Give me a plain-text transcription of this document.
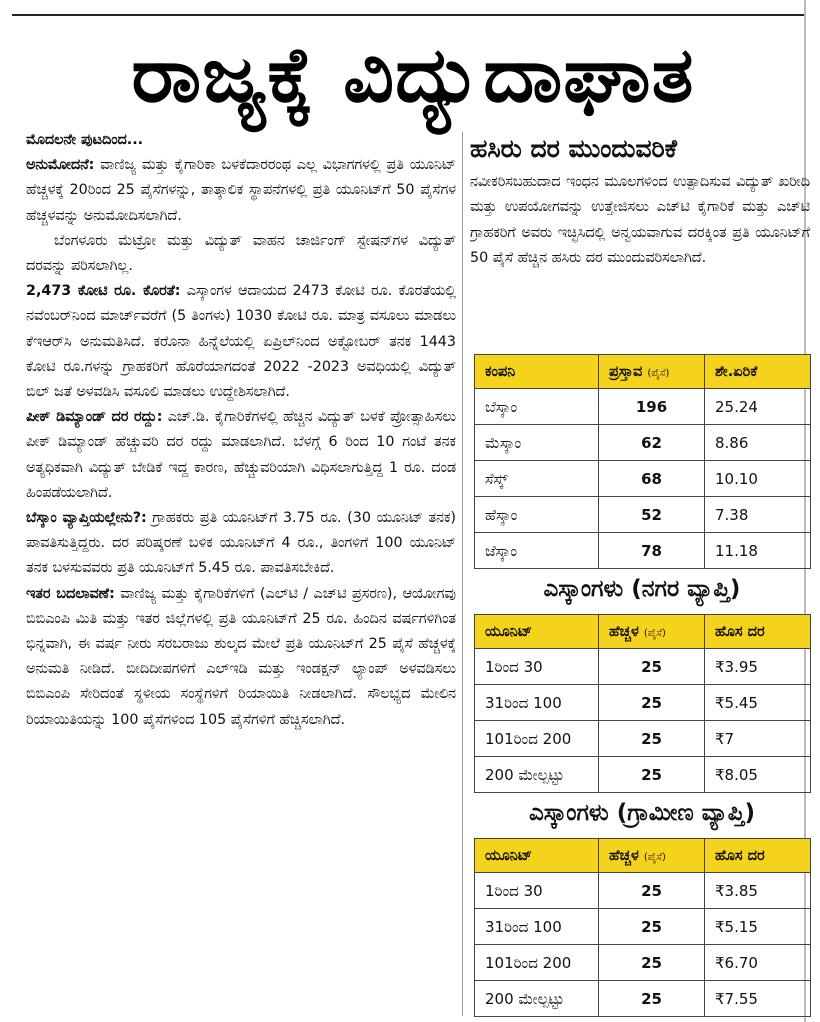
ರಾಜ್ಯಕ್ಕೆ ವಿದ್ಯುದಾಘಾತ

ಮೊದಲನೇ ಪುಟದಿಂದ...

ಅನುಮೋದನೆ: ವಾಣಿಜ್ಯ ಮತ್ತು ಕೈಗಾರಿಕಾ ಬಳಕೆದಾರರಂಥ ಎಲ್ಲ ವಿಭಾಗಗಳಲ್ಲಿ ಪ್ರತಿ ಯೂನಿಟ್ ಹೆಚ್ಚಳಕ್ಕೆ 20ರಿಂದ 25 ಪೈಸೆಗಳನ್ನು, ತಾತ್ಕಾಲಿಕ ಸ್ಥಾಪನೆಗಳಲ್ಲಿ ಪ್ರತಿ ಯೂನಿಟ್‌ಗೆ 50 ಪೈಸೆಗಳ ಹೆಚ್ಚಳವನ್ನು ಅನುಮೋದಿಸಲಾಗಿದೆ.

ಬೆಂಗಳೂರು ಮೆಟ್ರೋ ಮತ್ತು ವಿದ್ಯುತ್ ವಾಹನ ಚಾರ್ಜಿಂಗ್ ಸ್ಟೇಷನ್‌ಗಳ ವಿದ್ಯುತ್ ದರವನ್ನು ಪರಿಸಲಾಗಿಲ್ಲ.

2,473 ಕೋಟಿ ರೂ. ಕೊರತೆ: ಎಸ್ಕಾಂಗಳ ಆದಾಯದ 2473 ಕೋಟಿ ರೂ. ಕೊರತೆಯಲ್ಲಿ ನವೆಂಬರ್‌ನಿಂದ ಮಾರ್ಚ್‌ವರೆಗೆ (5 ತಿಂಗಳು) 1030 ಕೋಟಿ ರೂ. ಮಾತ್ರ ವಸೂಲು ಮಾಡಲು ಕೆಇಆರ್‌ಸಿ ಅನುಮತಿಸಿದೆ. ಕರೊನಾ ಹಿನ್ನೆಲೆಯಲ್ಲಿ ಏಪ್ರಿಲ್‌ನಿಂದ ಅಕ್ಟೋಬರ್ ತನಕ 1443 ಕೋಟಿ ರೂ.ಗಳನ್ನು ಗ್ರಾಹಕರಿಗೆ ಹೊರೆಯಾಗದಂತೆ 2022 -2023 ಅವಧಿಯಲ್ಲಿ ವಿದ್ಯುತ್ ಬಿಲ್ ಜತೆ ಅಳವಡಿಸಿ ವಸೂಲಿ ಮಾಡಲು ಉದ್ದೇಶಿಸಲಾಗಿದೆ.

ಪೀಕ್ ಡಿಮ್ಯಾಂಡ್ ದರ ರದ್ದು: ಎಚ್.ಡಿ. ಕೈಗಾರಿಕೆಗಳಲ್ಲಿ ಹೆಚ್ಚಿನ ವಿದ್ಯುತ್ ಬಳಕೆ ಪ್ರೋತ್ಸಾಹಿಸಲು ಪೀಕ್ ಡಿಮ್ಯಾಂಡ್ ಹೆಚ್ಚುವರಿ ದರ ರದ್ದು ಮಾಡಲಾಗಿದೆ. ಬೆಳಗ್ಗೆ 6 ರಿಂದ 10 ಗಂಟೆ ತನಕ ಅತ್ಯಧಿಕವಾಗಿ ವಿದ್ಯುತ್ ಬೇಡಿಕೆ ಇದ್ದ ಕಾರಣ, ಹೆಚ್ಚುವರಿಯಾಗಿ ವಿಧಿಸಲಾಗುತ್ತಿದ್ದ 1 ರೂ. ದಂಡ ಹಿಂಪಡೆಯಲಾಗಿದೆ.

ಬೆಸ್ಕಾಂ ವ್ಯಾಪ್ತಿಯಲ್ಲೇನು?: ಗ್ರಾಹಕರು ಪ್ರತಿ ಯೂನಿಟ್‌ಗೆ 3.75 ರೂ. (30 ಯೂನಿಟ್ ತನಕ) ಪಾವತಿಸುತ್ತಿದ್ದರು. ದರ ಪರಿಷ್ಕರಣೆ ಬಳಿಕ ಯೂನಿಟ್‌ಗೆ 4 ರೂ., ತಿಂಗಳಿಗೆ 100 ಯೂನಿಟ್ ತನಕ ಬಳಸುವವರು ಪ್ರತಿ ಯೂನಿಟ್‌ಗೆ 5.45 ರೂ. ಪಾವತಿಸಬೇಕಿದೆ.

ಇತರ ಬದಲಾವಣೆ: ವಾಣಿಜ್ಯ ಮತ್ತು ಕೈಗಾರಿಕೆಗಳಿಗೆ (ಎಲ್‌ಟಿ / ಎಚ್‌ಟಿ ಪ್ರಸರಣ), ಆಯೋಗವು ಬಿಬಿಎಂಪಿ ಮಿತಿ ಮತ್ತು ಇತರ ಜಿಲ್ಲೆಗಳಲ್ಲಿ ಪ್ರತಿ ಯೂನಿಟ್‌ಗೆ 25 ರೂ. ಹಿಂದಿನ ವರ್ಷಗಳಿಗಿಂತ ಭಿನ್ನವಾಗಿ, ಈ ವರ್ಷ ನೀರು ಸರಬರಾಜು ಶುಲ್ಕದ ಮೇಲೆ ಪ್ರತಿ ಯೂನಿಟ್‌ಗೆ 25 ಪೈಸೆ ಹೆಚ್ಚಳಕ್ಕೆ ಅನುಮತಿ ನೀಡಿದೆ. ಬೀದಿದೀಪಗಳಿಗೆ ಎಲ್‌ಇಡಿ ಮತ್ತು ಇಂಡಕ್ಷನ್ ಲ್ಯಾಂಪ್ ಅಳವಡಿಸಲು ಬಿಬಿಎಂಪಿ ಸೇರಿದಂತೆ ಸ್ಥಳೀಯ ಸಂಸ್ಥೆಗಳಿಗೆ ರಿಯಾಯಿತಿ ನೀಡಲಾಗಿದೆ. ಸೌಲಭ್ಯದ ಮೇಲಿನ ರಿಯಾಯಿತಿಯನ್ನು 100 ಪೈಸೆಗಳಿಂದ 105 ಪೈಸೆಗಳಿಗೆ ಹೆಚ್ಚಿಸಲಾಗಿದೆ.

ಹಸಿರು ದರ ಮುಂದುವರಿಕೆ

ನವೀಕರಿಸಬಹುದಾದ ಇಂಧನ ಮೂಲಗಳಿಂದ ಉತ್ಪಾದಿಸುವ ವಿದ್ಯುತ್ ಖರೀದಿ ಮತ್ತು ಉಪಯೋಗವನ್ನು ಉತ್ತೇಜಿಸಲು ಎಚ್‌ಟಿ ಕೈಗಾರಿಕೆ ಮತ್ತು ಎಚ್‌ಟಿ ಗ್ರಾಹಕರಿಗೆ ಅವರು ಇಚ್ಛಿಸಿದಲ್ಲಿ ಅನ್ವಯವಾಗುವ ದರಕ್ಕಿಂತ ಪ್ರತಿ ಯೂನಿಟ್‌ಗೆ 50 ಪೈಸೆ ಹೆಚ್ಚಿನ ಹಸಿರು ದರ ಮುಂದುವರಿಸಲಾಗಿದೆ.

ಕಂಪನಿ	ಪ್ರಸ್ತಾವ (ಪೈಸೆ)	ಶೇ.ಏರಿಕೆ
ಬೆಸ್ಕಾಂ	196	25.24
ಮೆಸ್ಕಾಂ	62	8.86
ಸೆಸ್ಕ್	68	10.10
ಹೆಸ್ಕಾಂ	52	7.38
ಜೆಸ್ಕಾಂ	78	11.18
ಎಸ್ಕಾಂಗಳು (ನಗರ ವ್ಯಾಪ್ತಿ)
ಯೂನಿಟ್	ಹೆಚ್ಚಳ (ಪೈಸೆ)	ಹೊಸ ದರ
1ರಿಂದ 30	25	₹3.95
31ರಿಂದ 100	25	₹5.45
101ರಿಂದ 200	25	₹7
200 ಮೇಲ್ಪಟ್ಟು	25	₹8.05
ಎಸ್ಕಾಂಗಳು (ಗ್ರಾಮೀಣ ವ್ಯಾಪ್ತಿ)
ಯೂನಿಟ್	ಹೆಚ್ಚಳ (ಪೈಸೆ)	ಹೊಸ ದರ
1ರಿಂದ 30	25	₹3.85
31ರಿಂದ 100	25	₹5.15
101ರಿಂದ 200	25	₹6.70
200 ಮೇಲ್ಪಟ್ಟು	25	₹7.55
